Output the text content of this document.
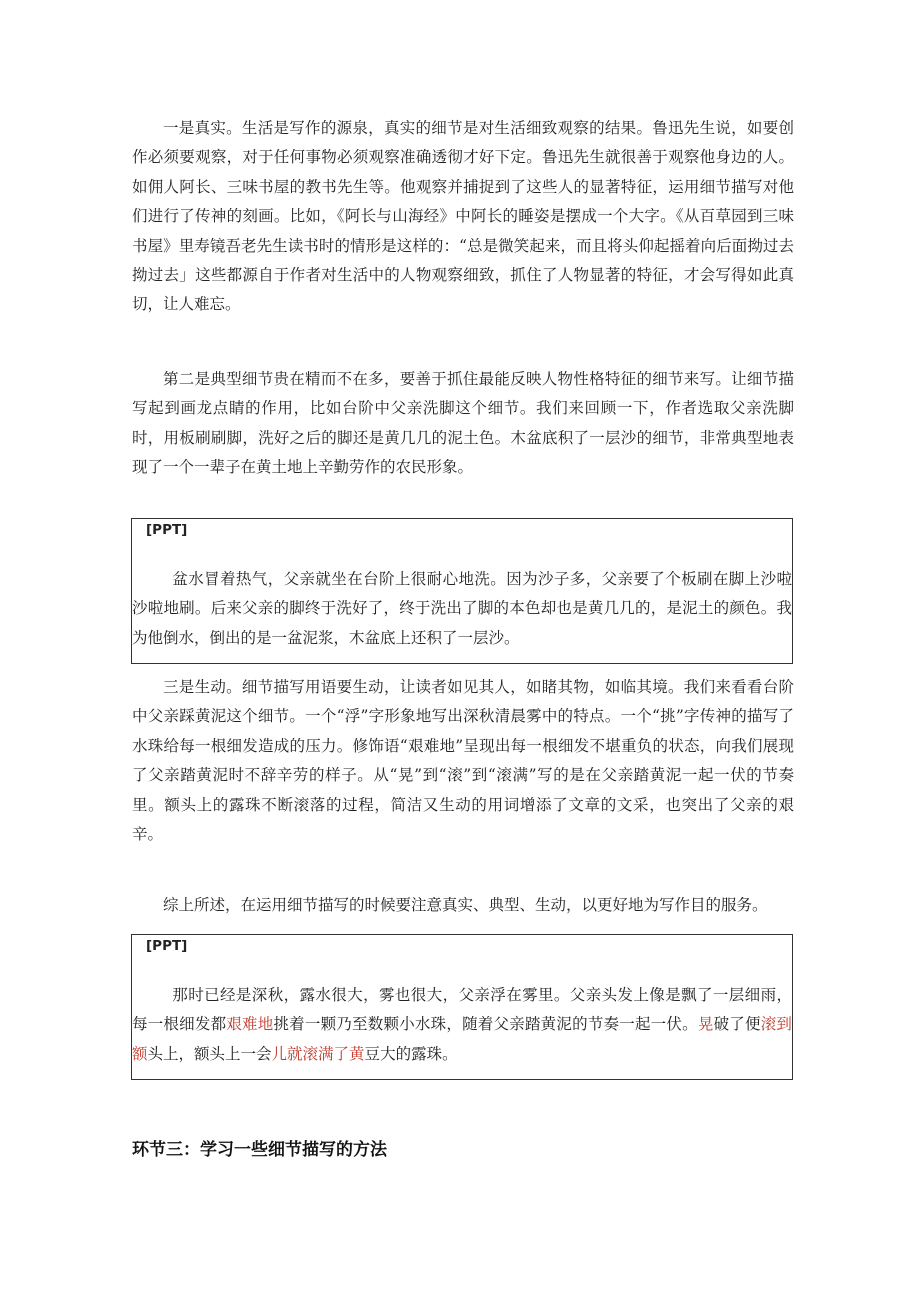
一是真实。生活是写作的源泉，真实的细节是对生活细致观察的结果。鲁迅先生说，如要创作必须要观察，对于任何事物必须观察准确透彻才好下定。鲁迅先生就很善于观察他身边的人。如佣人阿长、三味书屋的教书先生等。他观察并捕捉到了这些人的显著特征，运用细节描写对他们进行了传神的刻画。比如，《阿长与山海经》中阿长的睡姿是摆成一个大字。《从百草园到三味书屋》里寿镜吾老先生读书时的情形是这样的：“总是微笑起来，而且将头仰起摇着向后面拗过去拗过去」这些都源自于作者对生活中的人物观察细致，抓住了人物显著的特征，才会写得如此真切，让人难忘。

第二是典型细节贵在精而不在多，要善于抓住最能反映人物性格特征的细节来写。让细节描写起到画龙点睛的作用，比如台阶中父亲洗脚这个细节。我们来回顾一下，作者选取父亲洗脚时，用板刷刷脚，洗好之后的脚还是黄几几的泥土色。木盆底积了一层沙的细节，非常典型地表现了一个一辈子在黄土地上辛勤劳作的农民形象。

[PPT]

盆水冒着热气，父亲就坐在台阶上很耐心地洗。因为沙子多，父亲要了个板刷在脚上沙啦沙啦地刷。后来父亲的脚终于洗好了，终于洗出了脚的本色却也是黄几几的，是泥土的颜色。我为他倒水，倒出的是一盆泥浆，木盆底上还积了一层沙。

三是生动。细节描写用语要生动，让读者如见其人，如睹其物，如临其境。我们来看看台阶中父亲踩黄泥这个细节。一个“浮”字形象地写出深秋清晨雾中的特点。一个“挑”字传神的描写了水珠给每一根细发造成的压力。修饰语“艰难地”呈现出每一根细发不堪重负的状态，向我们展现了父亲踏黄泥时不辞辛劳的样子。从“晃”到“滚”到“滚满”写的是在父亲踏黄泥一起一伏的节奏里。额头上的露珠不断滚落的过程，简洁又生动的用词增添了文章的文采，也突出了父亲的艰辛。

综上所述，在运用细节描写的时候要注意真实、典型、生动，以更好地为写作目的服务。

[PPT]

那时已经是深秋，露水很大，雾也很大，父亲浮在雾里。父亲头发上像是飘了一层细雨，每一根细发都艰难地挑着一颗乃至数颗小水珠，随着父亲踏黄泥的节奏一起一伏。晃破了便滚到额头上，额头上一会儿就滚满了黄豆大的露珠。

环节三：学习一些细节描写的方法
